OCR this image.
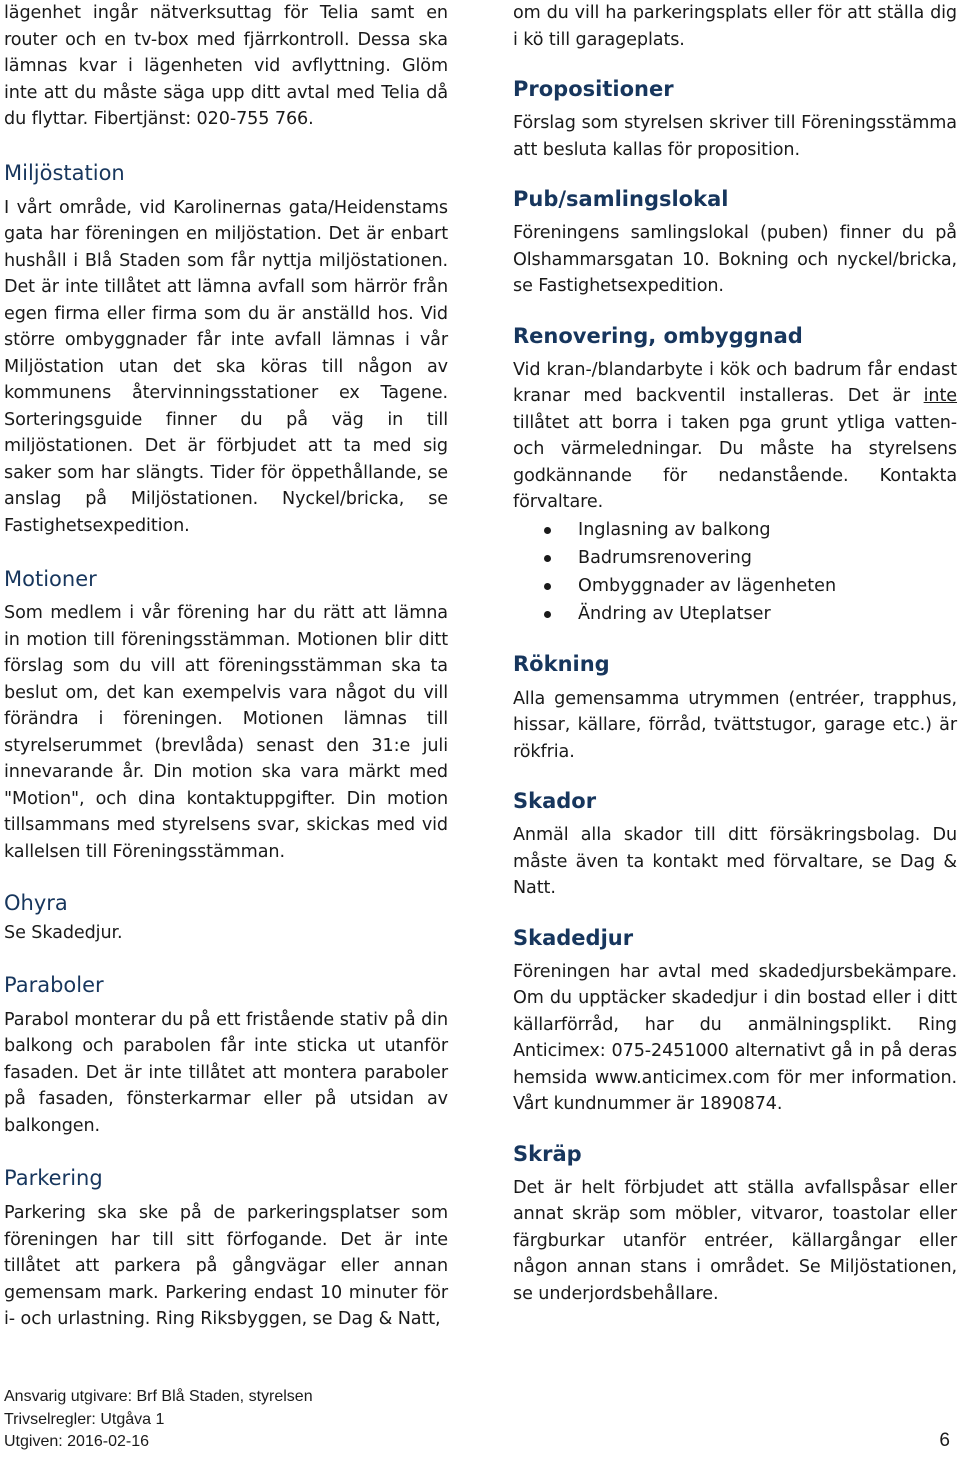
lägenhet ingår nätverksuttag för Telia samt en router och en tv-box med fjärrkontroll. Dessa ska lämnas kvar i lägenheten vid avflyttning. Glöm inte att du måste säga upp ditt avtal med Telia då du flyttar. Fibertjänst: 020-755 766.

Miljöstation

I vårt område, vid Karolinernas gata/Heidenstams gata har föreningen en miljöstation. Det är enbart hushåll i Blå Staden som får nyttja miljöstationen. Det är inte tillåtet att lämna avfall som härrör från egen firma eller firma som du är anställd hos. Vid större ombyggnader får inte avfall lämnas i vår Miljöstation utan det ska köras till någon av kommunens återvinningsstationer ex Tagene. Sorteringsguide finner du på väg in till miljöstationen. Det är förbjudet att ta med sig saker som har slängts. Tider för öppethållande, se anslag på Miljöstationen. Nyckel/bricka, se Fastighetsexpedition.

Motioner

Som medlem i vår förening har du rätt att lämna in motion till föreningsstämman. Motionen blir ditt förslag som du vill att föreningsstämman ska ta beslut om, det kan exempelvis vara något du vill förändra i föreningen. Motionen lämnas till styrelserummet (brevlåda) senast den 31:e juli innevarande år. Din motion ska vara märkt med "Motion", och dina kontaktuppgifter. Din motion tillsammans med styrelsens svar, skickas med vid kallelsen till Föreningsstämman.

Ohyra

Se Skadedjur.

Paraboler

Parabol monterar du på ett fristående stativ på din balkong och parabolen får inte sticka ut utanför fasaden. Det är inte tillåtet att montera paraboler på fasaden, fönsterkarmar eller på utsidan av balkongen.

Parkering

Parkering ska ske på de parkeringsplatser som föreningen har till sitt förfogande. Det är inte tillåtet att parkera på gångvägar eller annan gemensam mark. Parkering endast 10 minuter för i- och urlastning. Ring Riksbyggen, se Dag & Natt,

om du vill ha parkeringsplats eller för att ställa dig i kö till garageplats.

Propositioner

Förslag som styrelsen skriver till Föreningsstämma att besluta kallas för proposition.

Pub/samlingslokal

Föreningens samlingslokal (puben) finner du på Olshammarsgatan 10. Bokning och nyckel/bricka, se Fastighetsexpedition.

Renovering, ombyggnad

Vid kran-/blandarbyte i kök och badrum får endast kranar med backventil installeras. Det är inte tillåtet att borra i taken pga grunt ytliga vatten- och värmeledningar. Du måste ha styrelsens godkännande för nedanstående. Kontakta förvaltare.

Inglasning av balkong
Badrumsrenovering
Ombyggnader av lägenheten
Ändring av Uteplatser
Rökning

Alla gemensamma utrymmen (entréer, trapphus, hissar, källare, förråd, tvättstugor, garage etc.) är rökfria.

Skador

Anmäl alla skador till ditt försäkringsbolag. Du måste även ta kontakt med förvaltare, se Dag & Natt.

Skadedjur

Föreningen har avtal med skadedjursbekämpare. Om du upptäcker skadedjur i din bostad eller i ditt källarförråd, har du anmälningsplikt. Ring Anticimex: 075-2451000 alternativt gå in på deras hemsida www.anticimex.com för mer information. Vårt kundnummer är 1890874.

Skräp

Det är helt förbjudet att ställa avfallspåsar eller annat skräp som möbler, vitvaror, toastolar eller färgburkar utanför entréer, källargångar eller någon annan stans i området. Se Miljöstationen, se underjordsbehållare.

Ansvarig utgivare: Brf Blå Staden, styrelsen
Trivselregler: Utgåva 1
Utgiven: 2016-02-16	6
